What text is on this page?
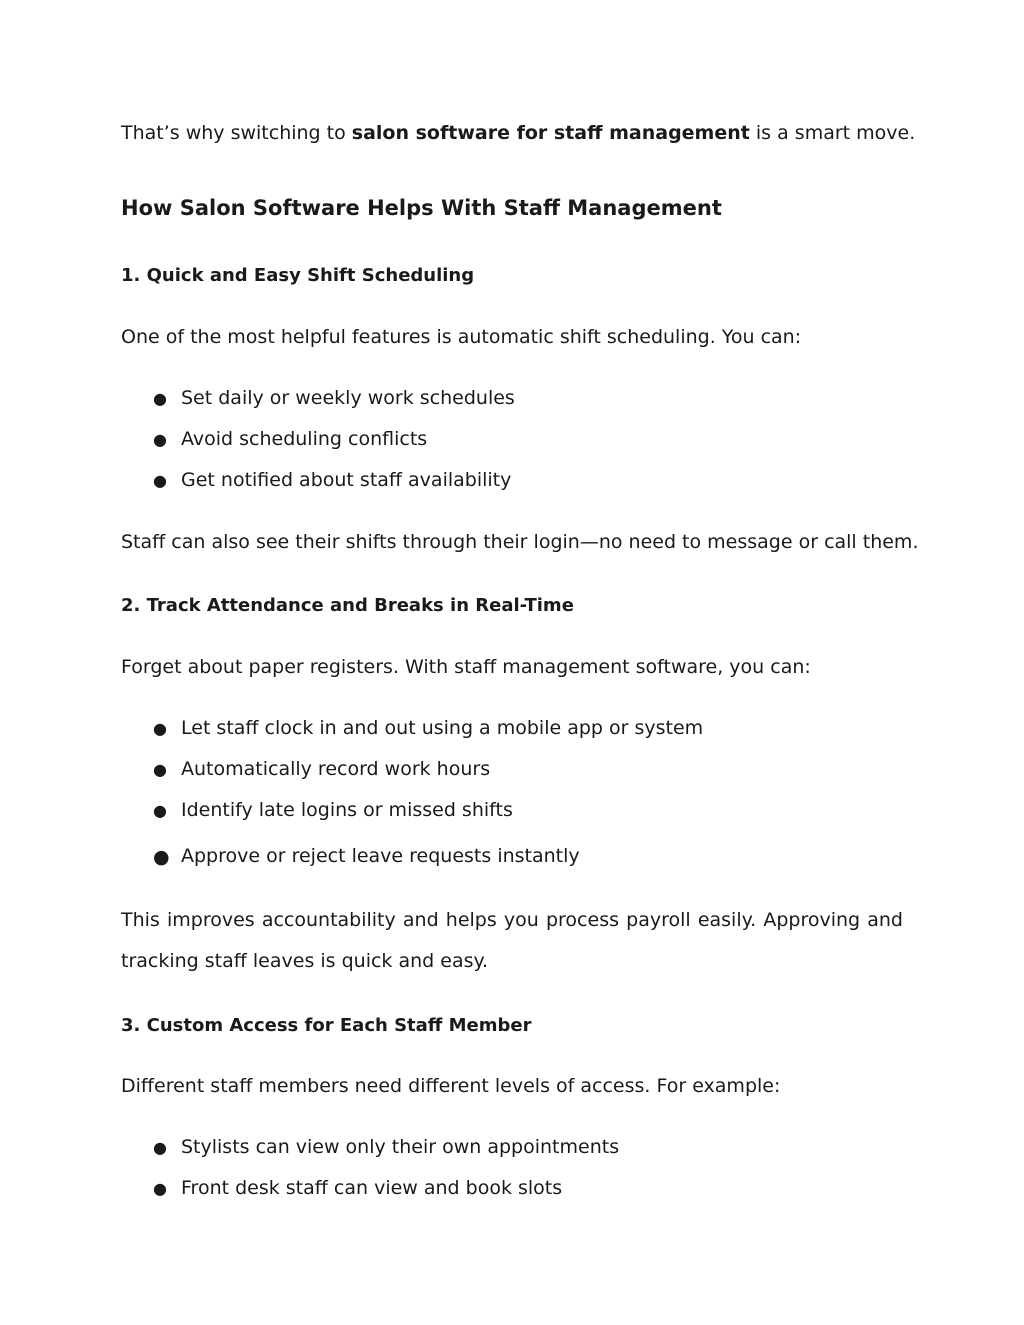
That’s why switching to salon software for staff management is a smart move.
How Salon Software Helps With Staff Management
1. Quick and Easy Shift Scheduling
One of the most helpful features is automatic shift scheduling. You can:
● Set daily or weekly work schedules
● Avoid scheduling conflicts
● Get notified about staff availability
Staff can also see their shifts through their login—no need to message or call them.
2. Track Attendance and Breaks in Real-Time
Forget about paper registers. With staff management software, you can:
● Let staff clock in and out using a mobile app or system
● Automatically record work hours
● Identify late logins or missed shifts
● Approve or reject leave requests instantly
This improves accountability and helps you process payroll easily. Approving and
tracking staff leaves is quick and easy.
3. Custom Access for Each Staff Member
Different staff members need different levels of access. For example:
● Stylists can view only their own appointments
● Front desk staff can view and book slots
